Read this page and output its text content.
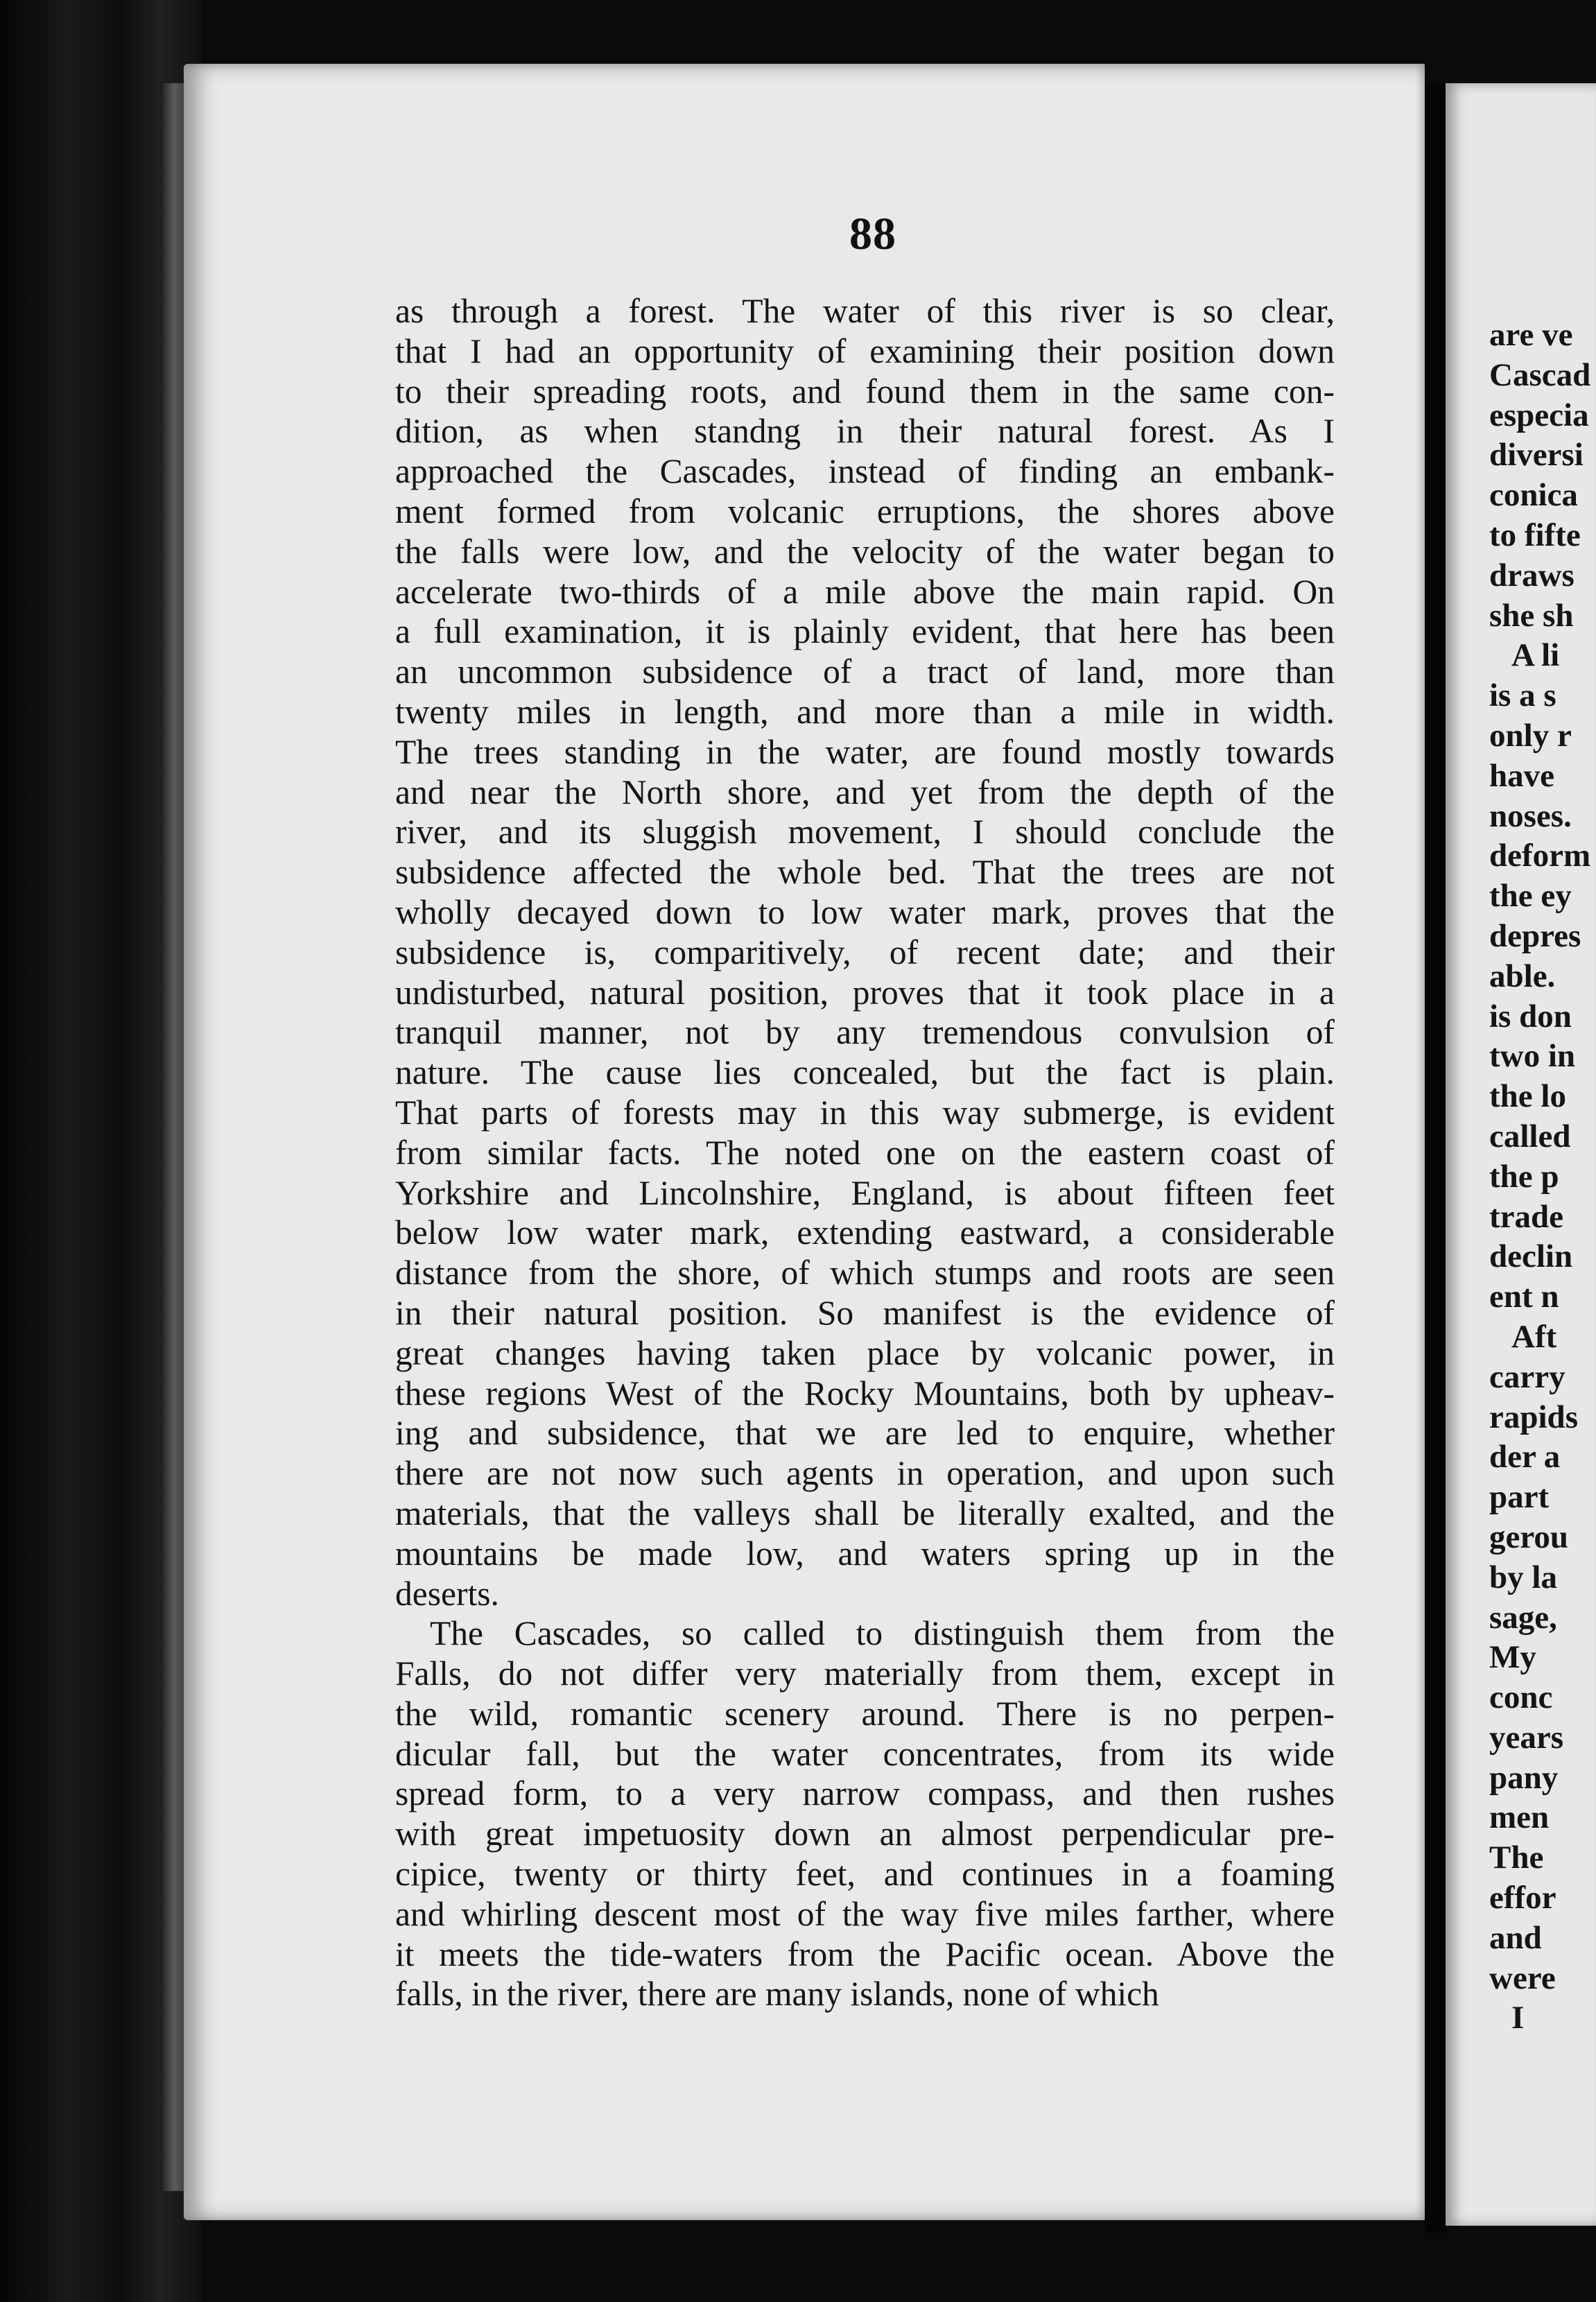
88

as through a forest. The water of this river is so clear,
that I had an opportunity of examining their position down
to their spreading roots, and found them in the same con-
dition, as when standng in their natural forest. As I
approached the Cascades, instead of finding an embank-
ment formed from volcanic erruptions, the shores above
the falls were low, and the velocity of the water began to
accelerate two-thirds of a mile above the main rapid. On
a full examination, it is plainly evident, that here has been
an uncommon subsidence of a tract of land, more than
twenty miles in length, and more than a mile in width.
The trees standing in the water, are found mostly towards
and near the North shore, and yet from the depth of the
river, and its sluggish movement, I should conclude the
subsidence affected the whole bed. That the trees are not
wholly decayed down to low water mark, proves that the
subsidence is, comparitively, of recent date; and their
undisturbed, natural position, proves that it took place in a
tranquil manner, not by any tremendous convulsion of
nature. The cause lies concealed, but the fact is plain.
That parts of forests may in this way submerge, is evident
from similar facts. The noted one on the eastern coast of
Yorkshire and Lincolnshire, England, is about fifteen feet
below low water mark, extending eastward, a considerable
distance from the shore, of which stumps and roots are seen
in their natural position. So manifest is the evidence of
great changes having taken place by volcanic power, in
these regions West of the Rocky Mountains, both by upheav-
ing and subsidence, that we are led to enquire, whether
there are not now such agents in operation, and upon such
materials, that the valleys shall be literally exalted, and the
mountains be made low, and waters spring up in the
deserts.

The Cascades, so called to distinguish them from the
Falls, do not differ very materially from them, except in
the wild, romantic scenery around. There is no perpen-
dicular fall, but the water concentrates, from its wide
spread form, to a very narrow compass, and then rushes
with great impetuosity down an almost perpendicular pre-
cipice, twenty or thirty feet, and continues in a foaming
and whirling descent most of the way five miles farther, where
it meets the tide-waters from the Pacific ocean. Above the
falls, in the river, there are many islands, none of which

are ve
Cascad
especia
diversi
conica
to fifte
draws
she sh
A li
is a s
only r
have
noses.
deform
the ey
depres
able.
is don
two in
the lo
called
the p
trade
declin
ent n
Aft
carry
rapids
der a
part
gerou
by la
sage,
My
conc
years
pany
men
The
effor
and
were
I
